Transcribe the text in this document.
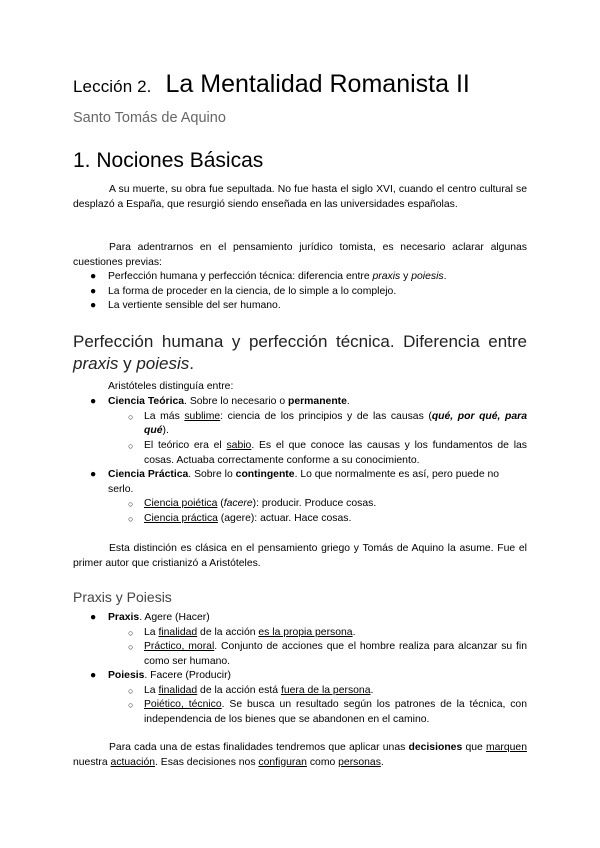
Lección 2. La Mentalidad Romanista II
Santo Tomás de Aquino
1. Nociones Básicas
A su muerte, su obra fue sepultada. No fue hasta el siglo XVI, cuando el centro cultural se desplazó a España, que resurgió siendo enseñada en las universidades españolas.
Para adentrarnos en el pensamiento jurídico tomista, es necesario aclarar algunas cuestiones previas:
● Perfección humana y perfección técnica: diferencia entre praxis y poiesis.
● La forma de proceder en la ciencia, de lo simple a lo complejo.
● La vertiente sensible del ser humano.
Perfección humana y perfección técnica. Diferencia entre
praxis y poiesis.
Aristóteles distinguía entre:
● Ciencia Teórica. Sobre lo necesario o permanente.
○ La más sublime: ciencia de los principios y de las causas (qué, por qué, para qué).
○ El teórico era el sabio. Es el que conoce las causas y los fundamentos de las cosas. Actuaba correctamente conforme a su conocimiento.
● Ciencia Práctica. Sobre lo contingente. Lo que normalmente es así, pero puede no serlo.
○ Ciencia poiética (facere): producir. Produce cosas.
○ Ciencia práctica (agere): actuar. Hace cosas.
Esta distinción es clásica en el pensamiento griego y Tomás de Aquino la asume. Fue el primer autor que cristianizó a Aristóteles.
Praxis y Poiesis
● Praxis. Agere (Hacer)
○ La finalidad de la acción es la propia persona.
○ Práctico, moral. Conjunto de acciones que el hombre realiza para alcanzar su fin como ser humano.
● Poiesis. Facere (Producir)
○ La finalidad de la acción está fuera de la persona.
○ Poiético, técnico. Se busca un resultado según los patrones de la técnica, con independencia de los bienes que se abandonen en el camino.
Para cada una de estas finalidades tendremos que aplicar unas decisiones que marquen nuestra actuación. Esas decisiones nos configuran como personas.
